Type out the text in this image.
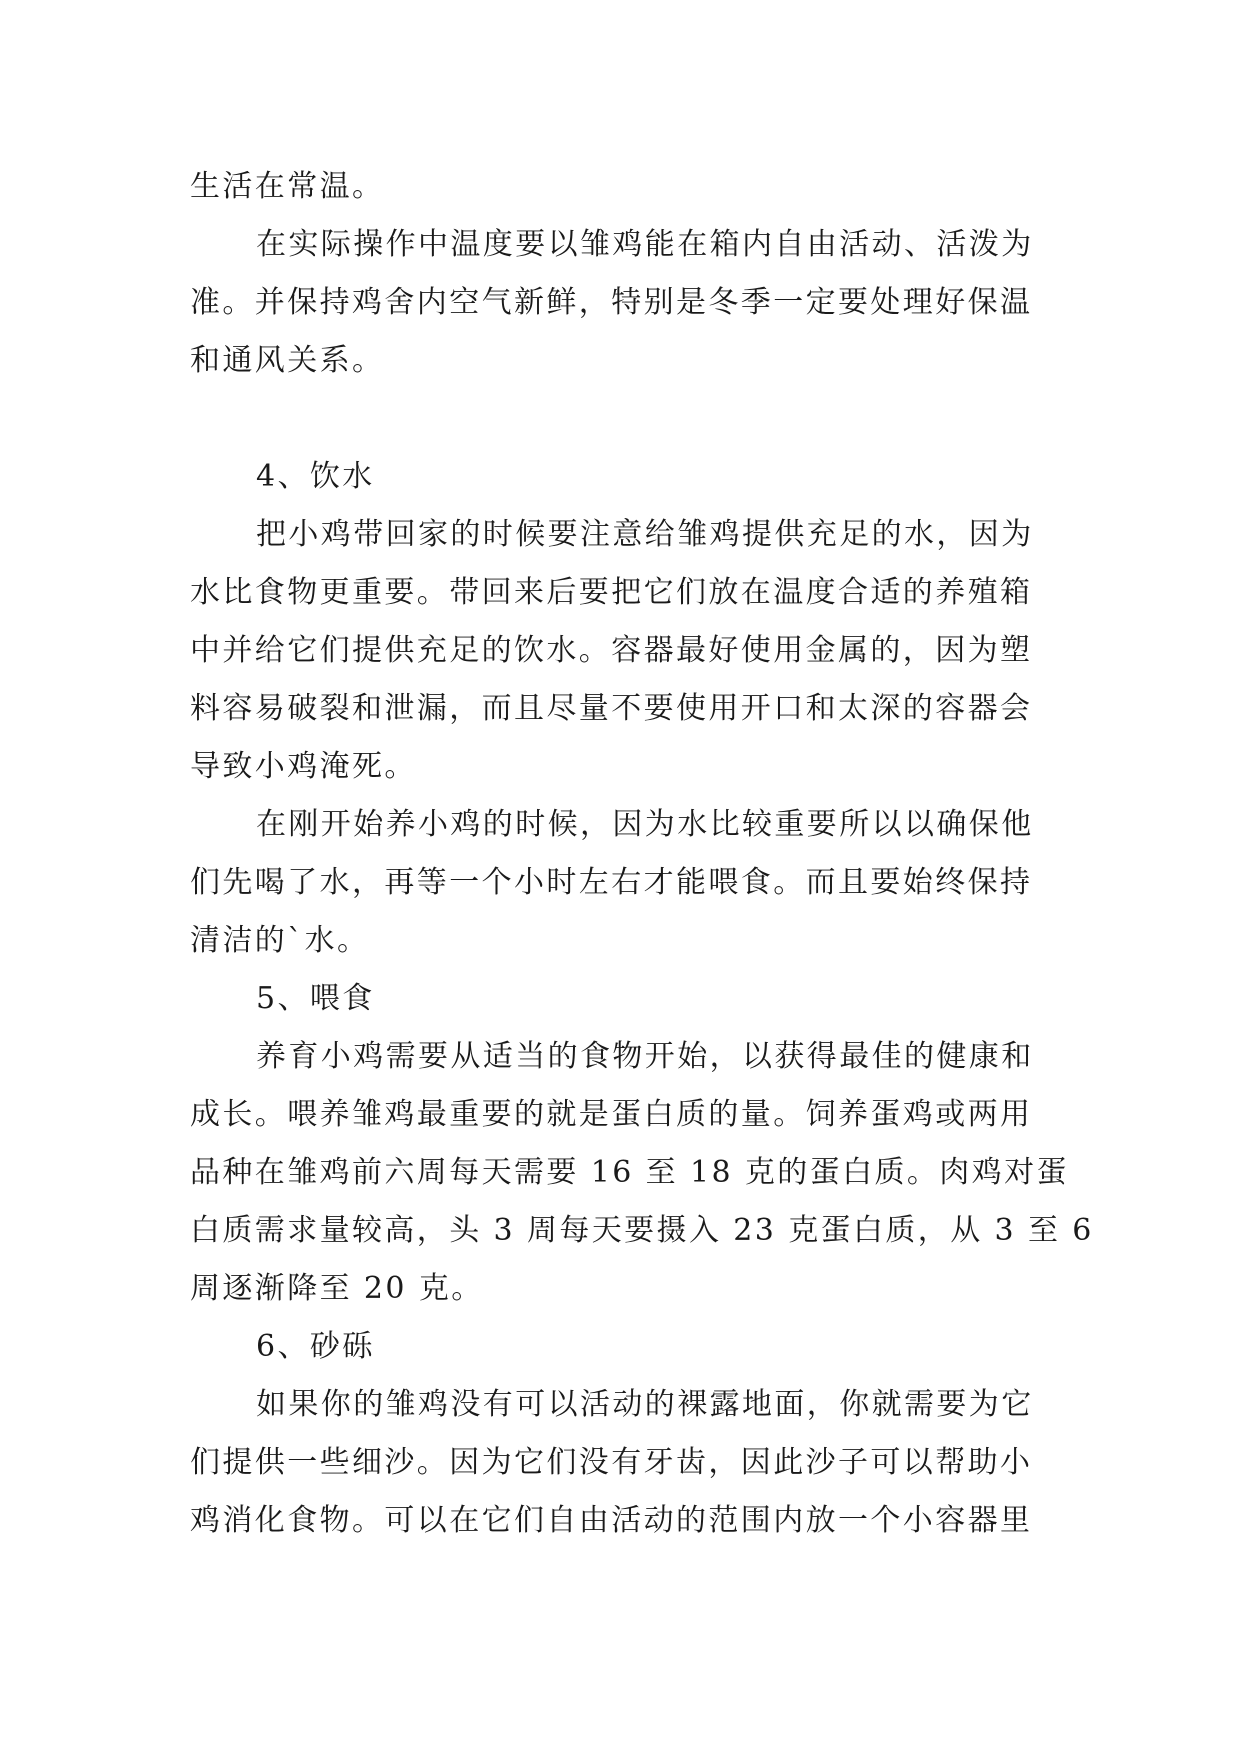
生活在常温。
在实际操作中温度要以雏鸡能在箱内自由活动、活泼为
准。并保持鸡舍内空气新鲜，特别是冬季一定要处理好保温
和通风关系。
4、饮水
把小鸡带回家的时候要注意给雏鸡提供充足的水，因为
水比食物更重要。带回来后要把它们放在温度合适的养殖箱
中并给它们提供充足的饮水。容器最好使用金属的，因为塑
料容易破裂和泄漏，而且尽量不要使用开口和太深的容器会
导致小鸡淹死。
在刚开始养小鸡的时候，因为水比较重要所以以确保他
们先喝了水，再等一个小时左右才能喂食。而且要始终保持
清洁的`水。
5、喂食
养育小鸡需要从适当的食物开始，以获得最佳的健康和
成长。喂养雏鸡最重要的就是蛋白质的量。饲养蛋鸡或两用
品种在雏鸡前六周每天需要 16 至 18 克的蛋白质。肉鸡对蛋
白质需求量较高，头 3 周每天要摄入 23 克蛋白质，从 3 至 6
周逐渐降至 20 克。
6、砂砾
如果你的雏鸡没有可以活动的裸露地面，你就需要为它
们提供一些细沙。因为它们没有牙齿，因此沙子可以帮助小
鸡消化食物。可以在它们自由活动的范围内放一个小容器里
